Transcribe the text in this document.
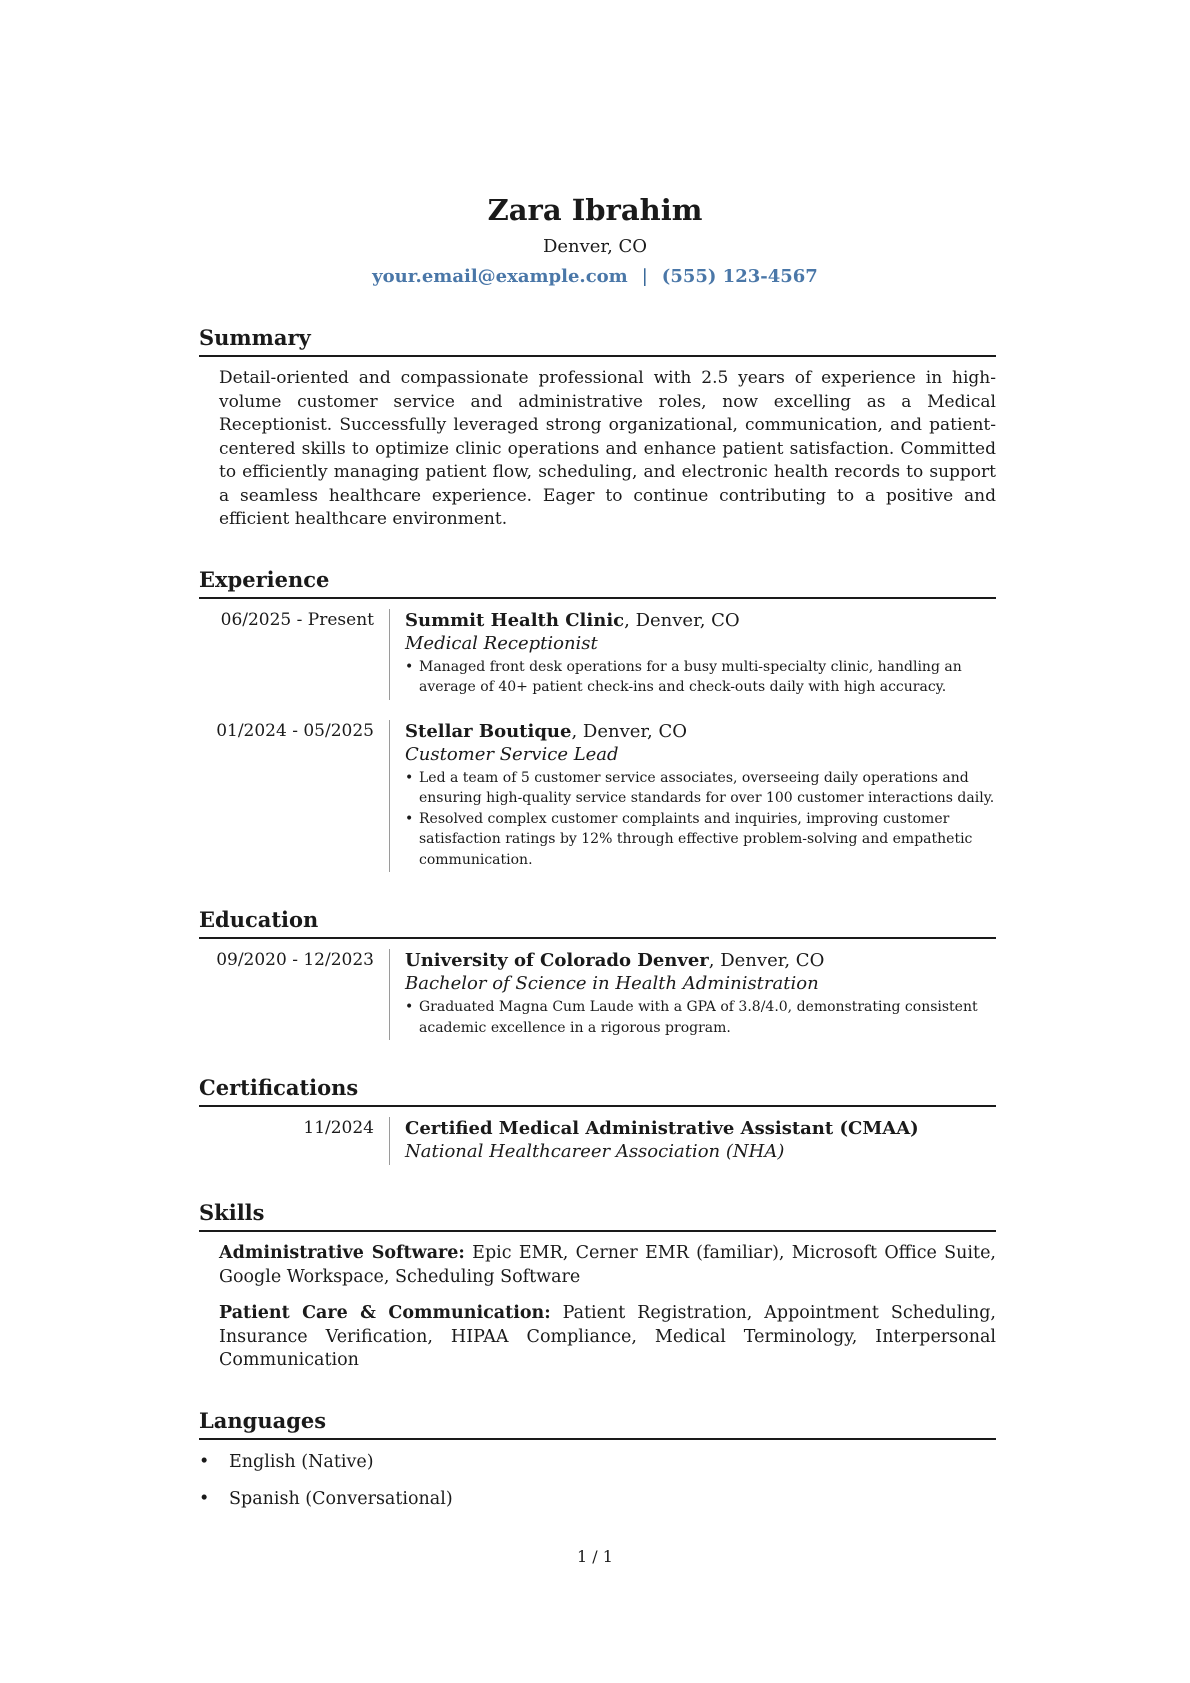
Zara Ibrahim
Denver, CO
your.email@example.com | (555) 123-4567
Summary

Detail-oriented and compassionate professional with 2.5 years of experience in high-volume customer service and administrative roles, now excelling as a Medical Receptionist. Successfully leveraged strong organizational, communication, and patient-centered skills to optimize clinic operations and enhance patient satisfaction. Committed to efficiently managing patient flow, scheduling, and electronic health records to support a seamless healthcare experience. Eager to continue contributing to a positive and efficient healthcare environment.

Experience
06/2025 - Present	Summit Health Clinic, Denver, CO
Medical Receptionist
• Managed front desk operations for a busy multi-specialty clinic, handling an average of 40+ patient check-ins and check-outs daily with high accuracy.
01/2024 - 05/2025	Stellar Boutique, Denver, CO
Customer Service Lead
• Led a team of 5 customer service associates, overseeing daily operations and ensuring high-quality service standards for over 100 customer interactions daily.
• Resolved complex customer complaints and inquiries, improving customer satisfaction ratings by 12% through effective problem-solving and empathetic communication.
Education
09/2020 - 12/2023	University of Colorado Denver, Denver, CO
Bachelor of Science in Health Administration
• Graduated Magna Cum Laude with a GPA of 3.8/4.0, demonstrating consistent academic excellence in a rigorous program.
Certifications
11/2024	Certified Medical Administrative Assistant (CMAA)
National Healthcareer Association (NHA)
Skills

Administrative Software: Epic EMR, Cerner EMR (familiar), Microsoft Office Suite, Google Workspace, Scheduling Software

Patient Care & Communication: Patient Registration, Appointment Scheduling, Insurance Verification, HIPAA Compliance, Medical Terminology, Interpersonal Communication

Languages
• English (Native)
• Spanish (Conversational)
1 / 1
